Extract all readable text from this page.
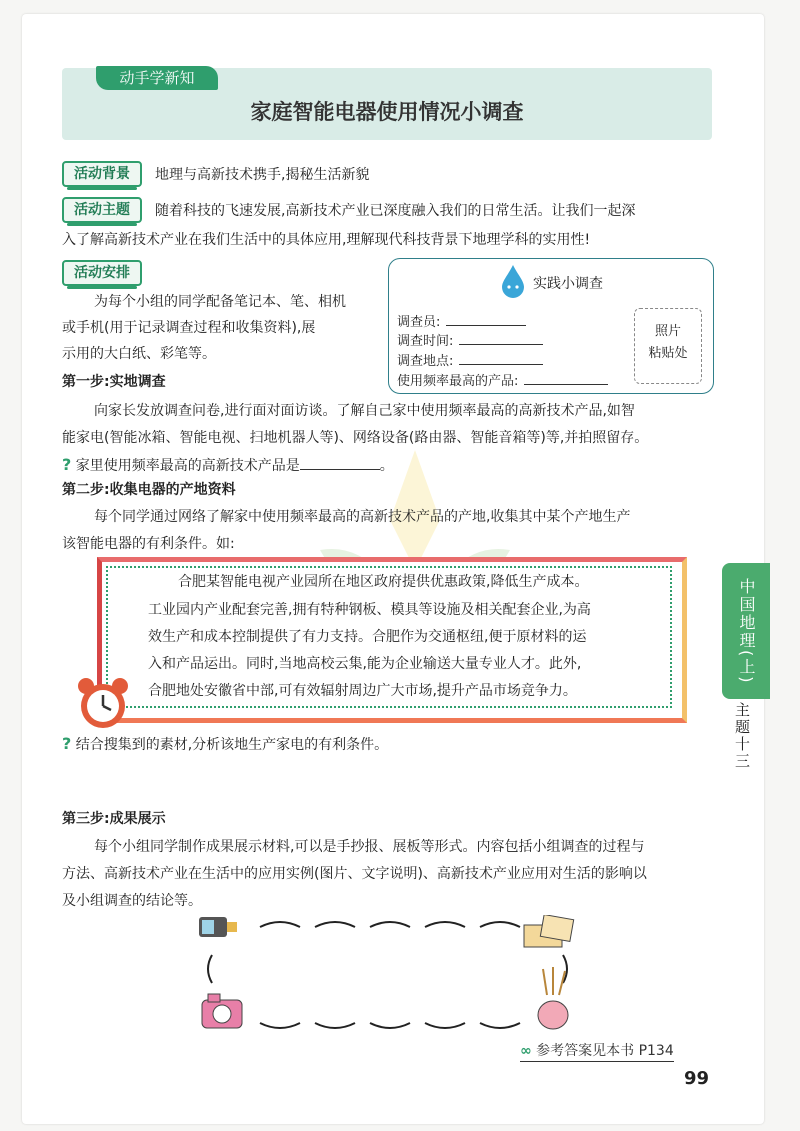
动手学新知
家庭智能电器使用情况小调查
活动背景	地理与高新技术携手,揭秘生活新貌
活动主题	随着科技的飞速发展,高新技术产业已深度融入我们的日常生活。让我们一起深
入了解高新技术产业在我们生活中的具体应用,理解现代科技背景下地理学科的实用性!
活动安排
为每个小组的同学配备笔记本、笔、相机
或手机(用于记录调查过程和收集资料),展
示用的大白纸、彩笔等。
实践小调查
调查员:
调查时间:
调查地点:
使用频率最高的产品:
照片
粘贴处
第一步:实地调查
向家长发放调查问卷,进行面对面访谈。了解自己家中使用频率最高的高新技术产品,如智
能家电(智能冰箱、智能电视、扫地机器人等)、网络设备(路由器、智能音箱等)等,并拍照留存。
? 家里使用频率最高的高新技术产品是	。
第二步:收集电器的产地资料
每个同学通过网络了解家中使用频率最高的高新技术产品的产地,收集其中某个产地生产
该智能电器的有利条件。如:
合肥某智能电视产业园所在地区政府提供优惠政策,降低生产成本。
工业园内产业配套完善,拥有特种钢板、模具等设施及相关配套企业,为高
效生产和成本控制提供了有力支持。合肥作为交通枢纽,便于原材料的运
入和产品运出。同时,当地高校云集,能为企业输送大量专业人才。此外,
合肥地处安徽省中部,可有效辐射周边广大市场,提升产品市场竞争力。
? 结合搜集到的素材,分析该地生产家电的有利条件。
第三步:成果展示
每个小组同学制作成果展示材料,可以是手抄报、展板等形式。内容包括小组调查的过程与
方法、高新技术产业在生活中的应用实例(图片、文字说明)、高新技术产业应用对生活的影响以
及小组调查的结论等。
∞ 参考答案见本书 P134
99
中国地理(上)
主题十三
